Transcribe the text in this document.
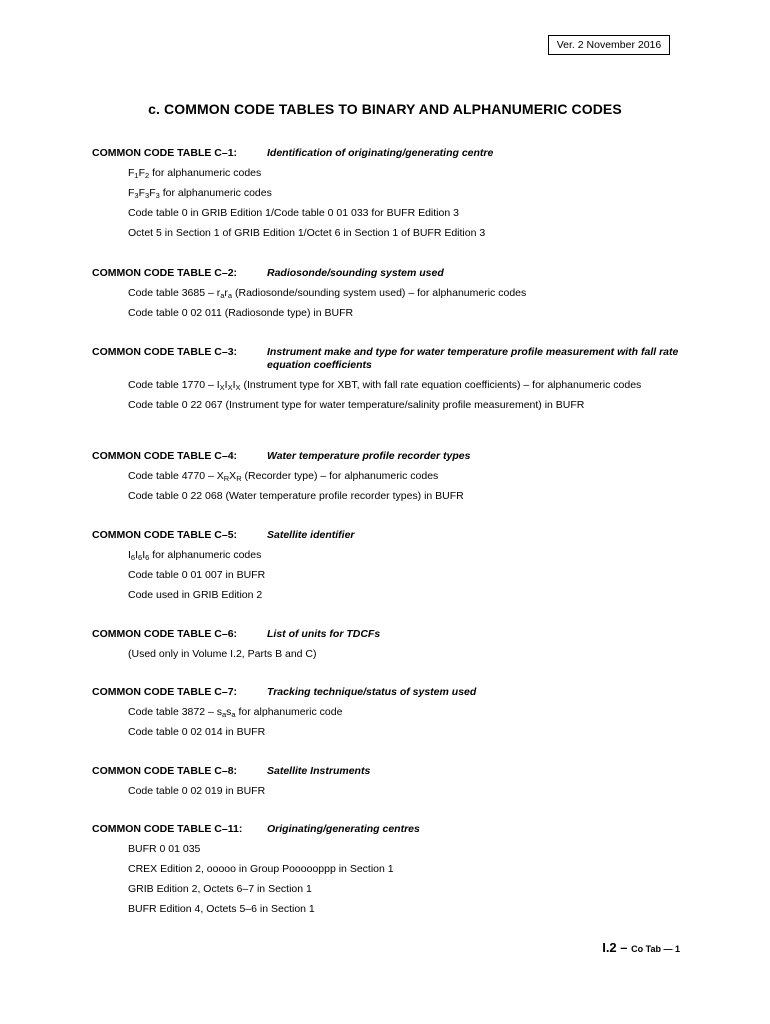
Ver. 2 November 2016
c. COMMON CODE TABLES TO BINARY AND ALPHANUMERIC CODES
COMMON CODE TABLE C–1:	Identification of originating/generating centre
$F_1F_2$ for alphanumeric codes
$F_3F_3F_3$ for alphanumeric codes
Code table 0 in GRIB Edition 1/Code table 0 01 033 for BUFR Edition 3
Octet 5 in Section 1 of GRIB Edition 1/Octet 6 in Section 1 of BUFR Edition 3
COMMON CODE TABLE C–2:	Radiosonde/sounding system used
Code table $3685 - r_ar_a$ (Radiosonde/sounding system used) – for alphanumeric codes
Code table 0 02 011 (Radiosonde type) in BUFR
COMMON CODE TABLE C–3:	Instrument make and type for water temperature profile measurement with fall rate equation coefficients
Code table $1770 - I_XI_XI_X$ (Instrument type for XBT, with fall rate equation coefficients) – for alphanumeric codes
Code table 0 22 067 (Instrument type for water temperature/salinity profile measurement) in BUFR
COMMON CODE TABLE C–4:	Water temperature profile recorder types
Code table $4770 - X_RX_R$ (Recorder type) – for alphanumeric codes
Code table 0 22 068 (Water temperature profile recorder types) in BUFR
COMMON CODE TABLE C–5:	Satellite identifier
$I_6I_6I_6$ for alphanumeric codes
Code table 0 01 007 in BUFR
Code used in GRIB Edition 2
COMMON CODE TABLE C–6:	List of units for TDCFs
(Used only in Volume I.2, Parts B and C)
COMMON CODE TABLE C–7:	Tracking technique/status of system used
Code table $3872 - s_as_a$ for alphanumeric code
Code table 0 02 014 in BUFR
COMMON CODE TABLE C–8:	Satellite Instruments
Code table 0 02 019 in BUFR
COMMON CODE TABLE C–11: Originating/generating centres
BUFR 0 01 035
CREX Edition 2, ooooo in Group Poooooppp in Section 1
GRIB Edition 2, Octets 6–7 in Section 1
BUFR Edition 4, Octets 5–6 in Section 1
I.2 – Co Tab — 1
